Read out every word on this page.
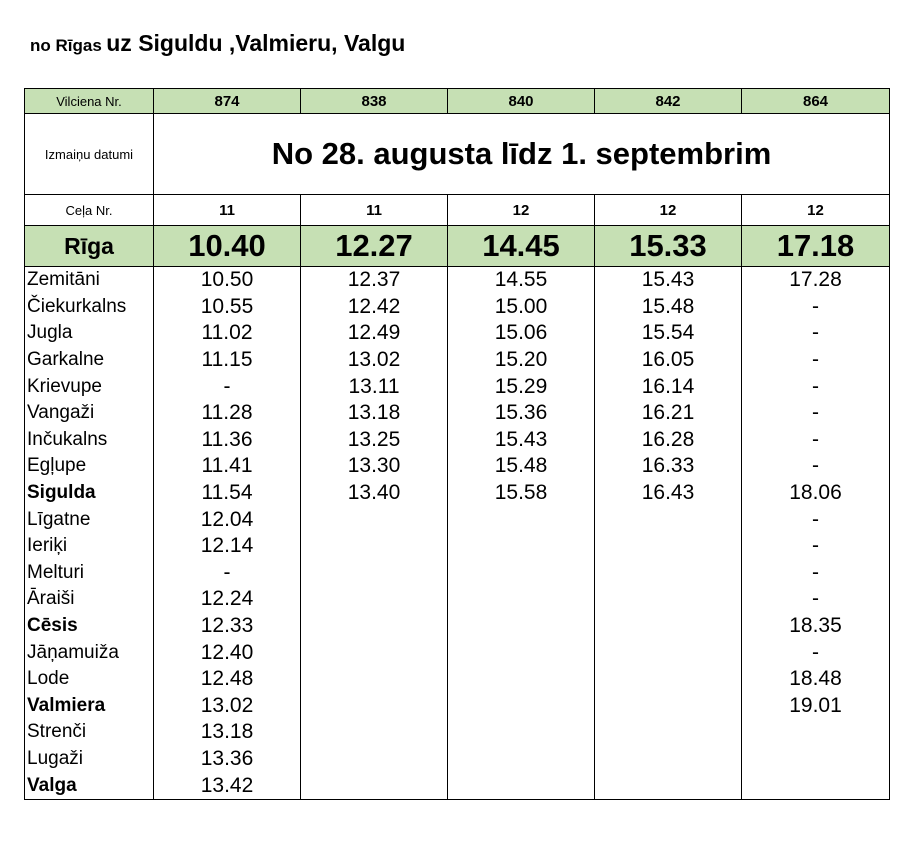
no Rīgas uz Siguldu ,Valmieru, Valgu
Vilciena Nr.	874	838	840	842	864
Izmaiņu datumi	No 28. augusta līdz 1. septembrim				
Ceļa Nr.	11	11	12	12	12
Rīga	10.40	12.27	14.45	15.33	17.18
Zemitāni	10.50	12.37	14.55	15.43	17.28
Čiekurkalns	10.55	12.42	15.00	15.48	-
Jugla	11.02	12.49	15.06	15.54	-
Garkalne	11.15	13.02	15.20	16.05	-
Krievupe	-	13.11	15.29	16.14	-
Vangaži	11.28	13.18	15.36	16.21	-
Inčukalns	11.36	13.25	15.43	16.28	-
Egļupe	11.41	13.30	15.48	16.33	-
Sigulda	11.54	13.40	15.58	16.43	18.06
Līgatne	12.04				-
Ieriķi	12.14				-
Melturi	-				-
Āraiši	12.24				-
Cēsis	12.33				18.35
Jāņamuiža	12.40				-
Lode	12.48				18.48
Valmiera	13.02				19.01
Strenči	13.18				
Lugaži	13.36				
Valga	13.42				
